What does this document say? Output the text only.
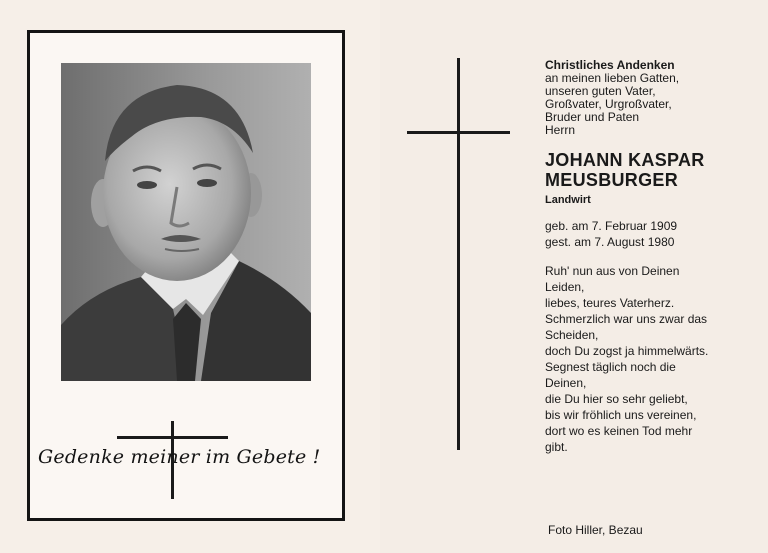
Gedenke meiner im Gebete !
Christliches Andenken
an meinen lieben Gatten,
unseren guten Vater,
Großvater, Urgroßvater,
Bruder und Paten
Herrn
JOHANN KASPAR
MEUSBURGER
Landwirt
geb. am 7. Februar 1909
gest. am 7. August 1980
Ruh' nun aus von Deinen
Leiden,
liebes, teures Vaterherz.
Schmerzlich war uns zwar das
Scheiden,
doch Du zogst ja himmelwärts.
Segnest täglich noch die
Deinen,
die Du hier so sehr geliebt,
bis wir fröhlich uns vereinen,
dort wo es keinen Tod mehr
gibt.
Foto Hiller, Bezau
